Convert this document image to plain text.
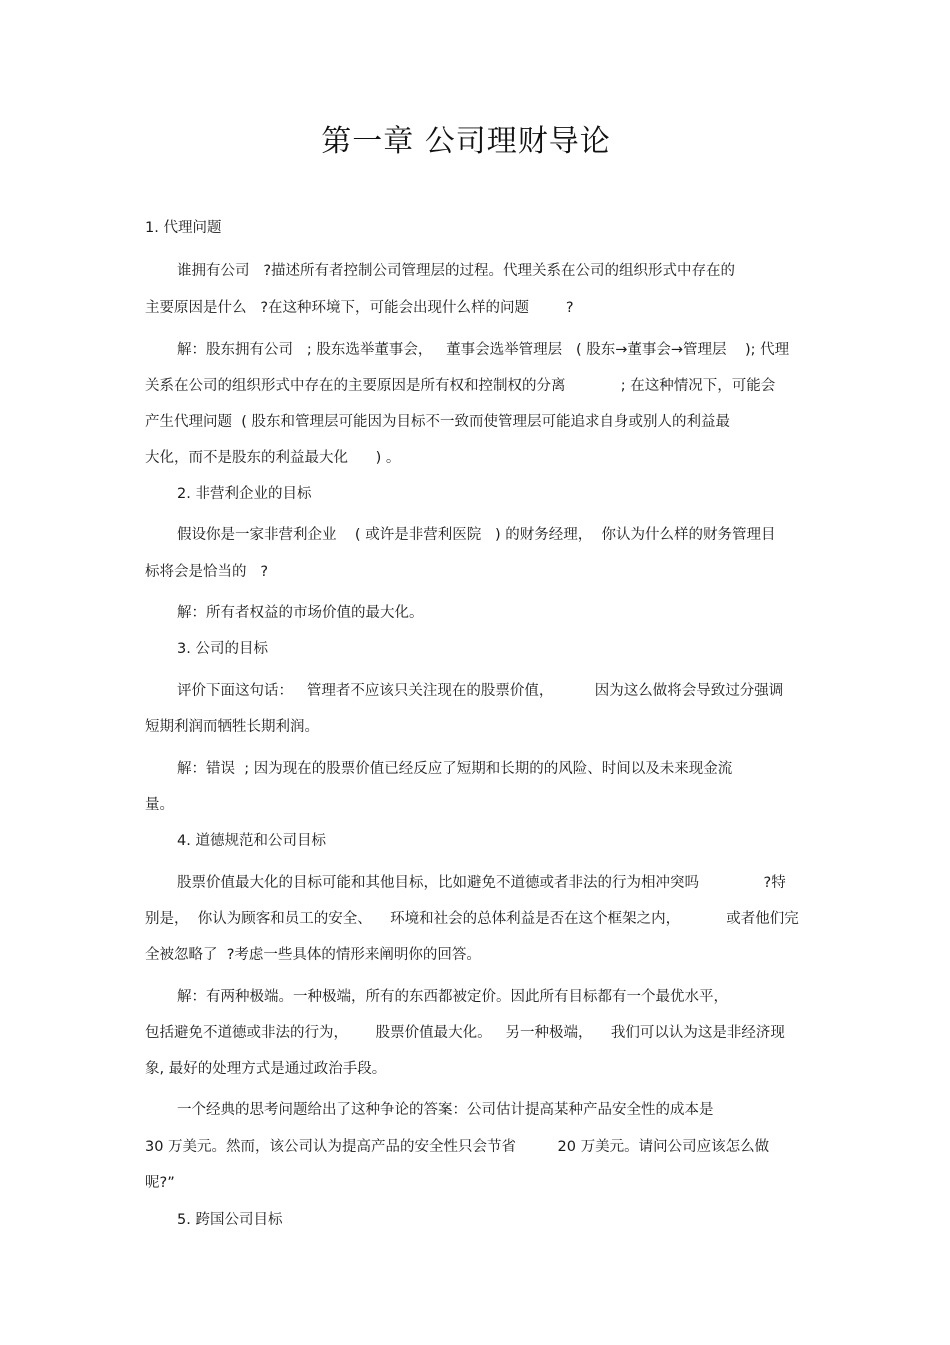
第一章 公司理财导论
1. 代理问题
谁拥有公司   ?描述所有者控制公司管理层的过程。代理关系在公司的组织形式中存在的
主要原因是什么   ?在这种环境下，可能会出现什么样的问题        ?
解：股东拥有公司   ; 股东选举董事会，   董事会选举管理层   ( 股东→董事会→管理层    ); 代理
关系在公司的组织形式中存在的主要原因是所有权和控制权的分离            ; 在这种情况下，可能会
产生代理问题  ( 股东和管理层可能因为目标不一致而使管理层可能追求自身或别人的利益最
大化，而不是股东的利益最大化      ) 。
2. 非营利企业的目标
假设你是一家非营利企业    ( 或许是非营利医院   ) 的财务经理，  你认为什么样的财务管理目
标将会是恰当的   ?
解：所有者权益的市场价值的最大化。
3. 公司的目标
评价下面这句话：   管理者不应该只关注现在的股票价值，         因为这么做将会导致过分强调
短期利润而牺牲长期利润。
解：错误  ; 因为现在的股票价值已经反应了短期和长期的的风险、时间以及未来现金流
量。
4. 道德规范和公司目标
股票价值最大化的目标可能和其他目标，比如避免不道德或者非法的行为相冲突吗              ?特
别是，  你认为顾客和员工的安全、    环境和社会的总体利益是否在这个框架之内，          或者他们完
全被忽略了  ?考虑一些具体的情形来阐明你的回答。
解：有两种极端。一种极端，所有的东西都被定价。因此所有目标都有一个最优水平，
包括避免不道德或非法的行为，      股票价值最大化。   另一种极端，    我们可以认为这是非经济现
象, 最好的处理方式是通过政治手段。
一个经典的思考问题给出了这种争论的答案：公司估计提高某种产品安全性的成本是
30 万美元。然而，该公司认为提高产品的安全性只会节省         20 万美元。请问公司应该怎么做
呢?”
5. 跨国公司目标
